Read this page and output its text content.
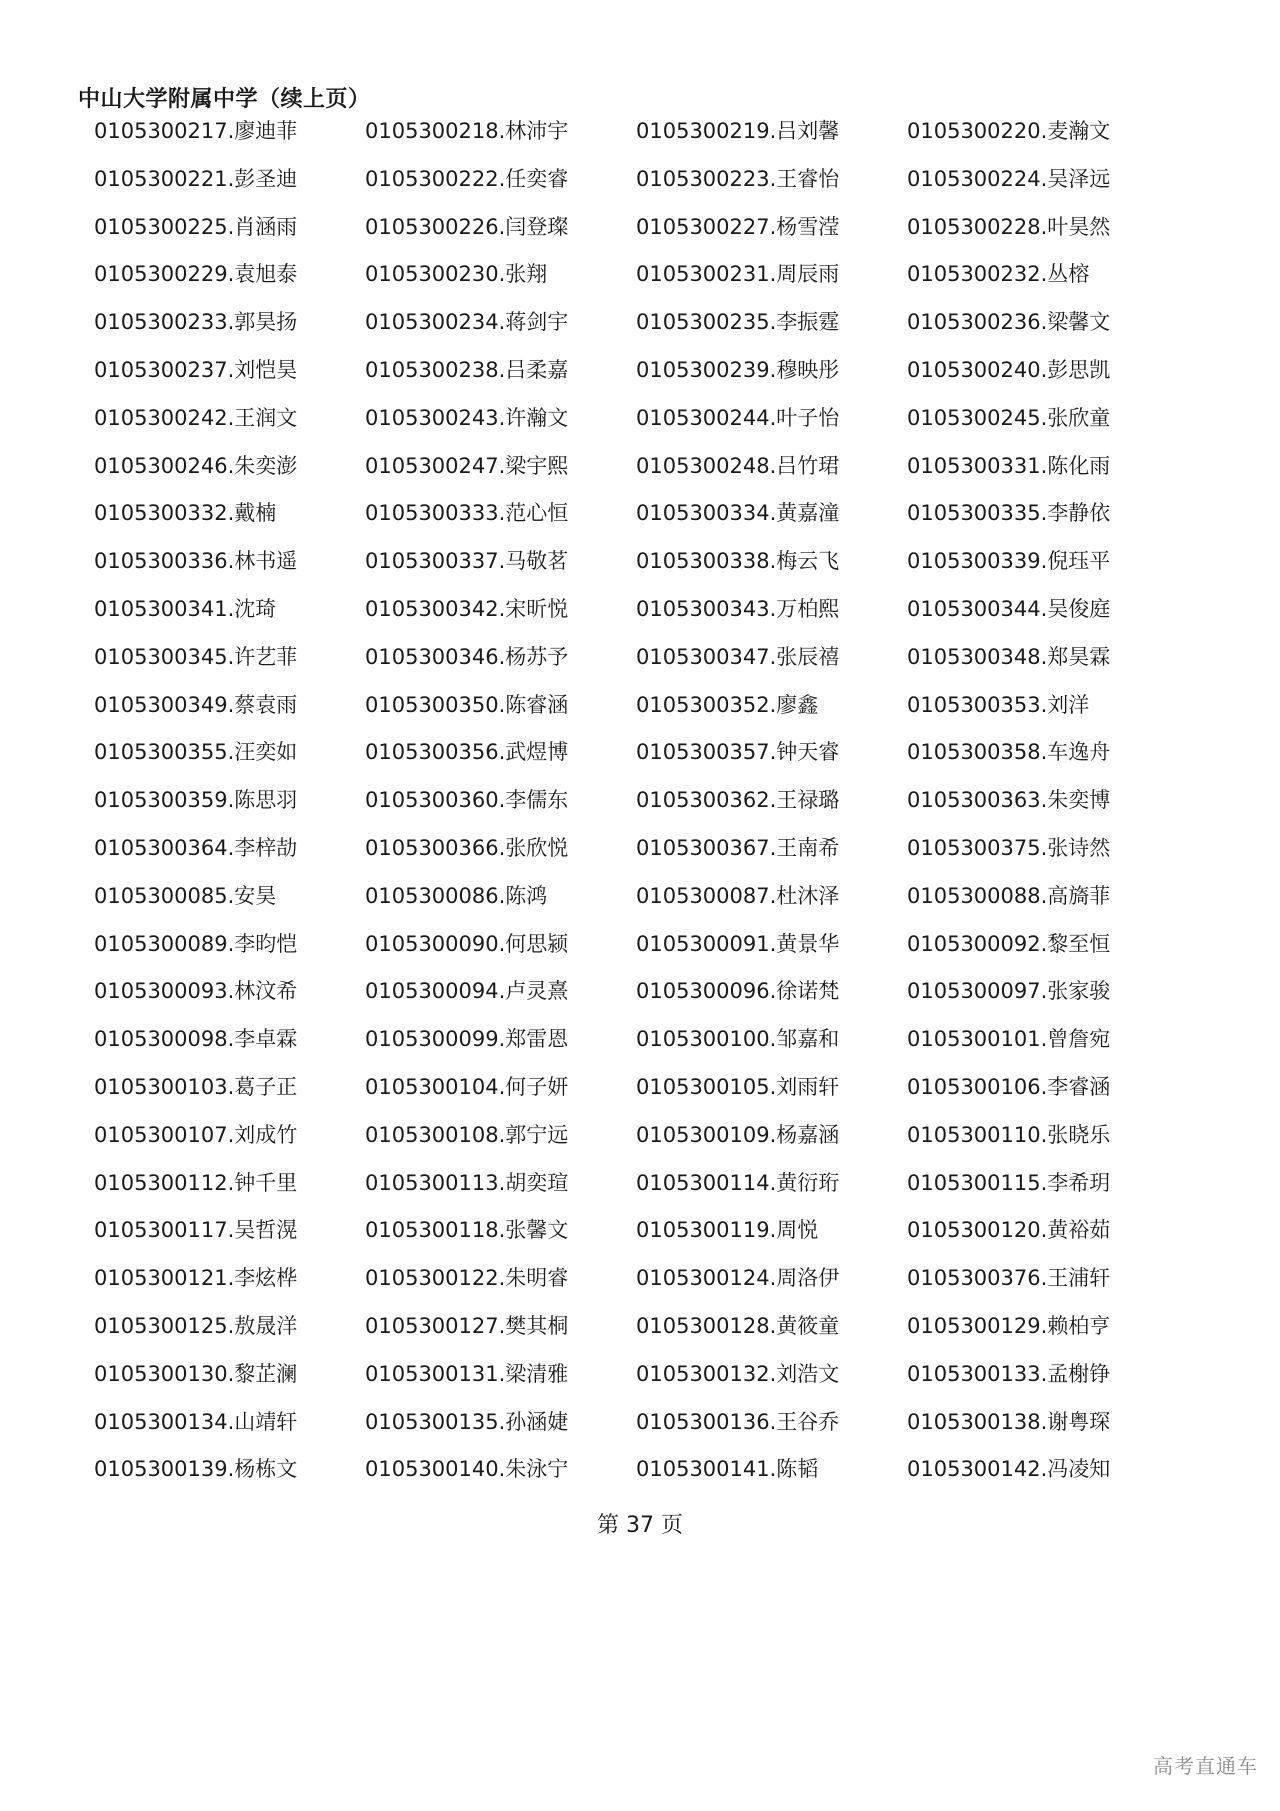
中山大学附属中学（续上页）
0105300217.廖迪菲	0105300218.林沛宇	0105300219.吕刘馨	0105300220.麦瀚文
0105300221.彭圣迪	0105300222.任奕睿	0105300223.王睿怡	0105300224.吴泽远
0105300225.肖涵雨	0105300226.闫登璨	0105300227.杨雪滢	0105300228.叶昊然
0105300229.袁旭泰	0105300230.张翔	0105300231.周辰雨	0105300232.丛榕
0105300233.郭昊扬	0105300234.蒋剑宇	0105300235.李振霆	0105300236.梁馨文
0105300237.刘恺昊	0105300238.吕柔嘉	0105300239.穆映彤	0105300240.彭思凯
0105300242.王润文	0105300243.许瀚文	0105300244.叶子怡	0105300245.张欣童
0105300246.朱奕澎	0105300247.梁宇熙	0105300248.吕竹珺	0105300331.陈化雨
0105300332.戴楠	0105300333.范心恒	0105300334.黄嘉潼	0105300335.李静依
0105300336.林书遥	0105300337.马敬茗	0105300338.梅云飞	0105300339.倪珏平
0105300341.沈琦	0105300342.宋昕悦	0105300343.万柏熙	0105300344.吴俊庭
0105300345.许艺菲	0105300346.杨苏予	0105300347.张辰禧	0105300348.郑昊霖
0105300349.蔡袁雨	0105300350.陈睿涵	0105300352.廖鑫	0105300353.刘洋
0105300355.汪奕如	0105300356.武煜博	0105300357.钟天睿	0105300358.车逸舟
0105300359.陈思羽	0105300360.李儒东	0105300362.王禄璐	0105300363.朱奕博
0105300364.李梓劼	0105300366.张欣悦	0105300367.王南希	0105300375.张诗然
0105300085.安昊	0105300086.陈鸿	0105300087.杜沐泽	0105300088.高旖菲
0105300089.李昀恺	0105300090.何思颍	0105300091.黄景华	0105300092.黎至恒
0105300093.林汶希	0105300094.卢灵熹	0105300096.徐诺梵	0105300097.张家骏
0105300098.李卓霖	0105300099.郑雷恩	0105300100.邹嘉和	0105300101.曾詹宛
0105300103.葛子正	0105300104.何子妍	0105300105.刘雨轩	0105300106.李睿涵
0105300107.刘成竹	0105300108.郭宁远	0105300109.杨嘉涵	0105300110.张晓乐
0105300112.钟千里	0105300113.胡奕瑄	0105300114.黄衍珩	0105300115.李希玥
0105300117.吴哲滉	0105300118.张馨文	0105300119.周悦	0105300120.黄裕茹
0105300121.李炫桦	0105300122.朱明睿	0105300124.周洛伊	0105300376.王浦轩
0105300125.敖晟洋	0105300127.樊其桐	0105300128.黄筱童	0105300129.赖柏亨
0105300130.黎芷澜	0105300131.梁清雅	0105300132.刘浩文	0105300133.孟榭铮
0105300134.山靖轩	0105300135.孙涵婕	0105300136.王谷乔	0105300138.谢粤琛
0105300139.杨栋文	0105300140.朱泳宁	0105300141.陈韬	0105300142.冯凌知
第 37 页
高考直通车
